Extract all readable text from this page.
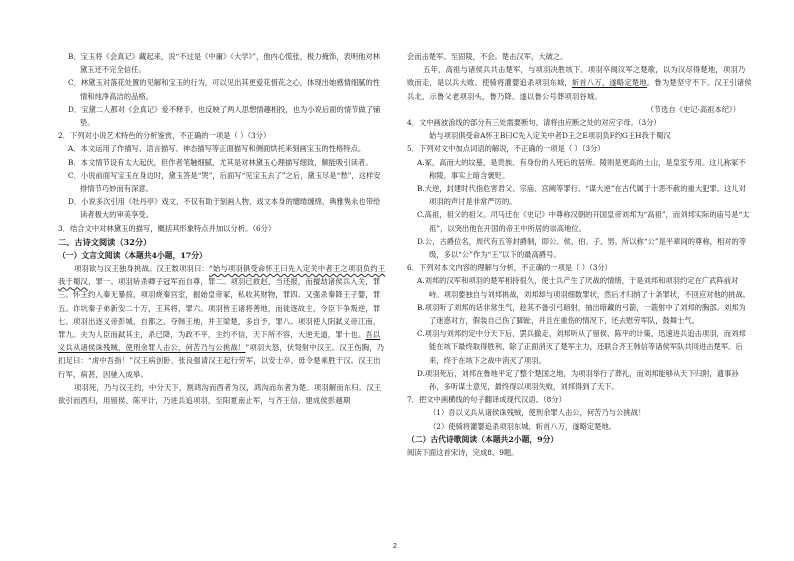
B．宝玉将《会真记》藏起来，说“不过是《中庸》《大学》”，他内心慌张，极力掩饰，表明他对林黛玉还不完全信任。

C．林黛玉对落花处置的见解和宝玉的行为，可以见出其更爱花惜花之心，体现出她感情细腻的性情和纯净高洁的品格。

D．宝黛二人都对《会真记》爱不释手，也反映了两人思想情趣相投，也为小说后面的情节做了铺垫。

2．下列对小说艺术特色的分析鉴赏，不正确的一项是（ ）（3分）

A．本文运用了作描写、语言描写、神态描写等正面描写和侧面烘托来刻画宝玉的性格特点。

B．本文情节设有太大起伏，但作者笔触细腻，尤其是对林黛玉心理描写细致，颇能吸引读者。

C．小说前面写宝玉在身边时，黛玉答是“哭”，后面写“见宝玉去了”之后，黛玉尽是“愁”，这样安排情节巧妙而有深意。

D．小说多次引用《牡丹亭》戏文，不仅有助于刻画人物，戏文本身的缱绻缠绵，典雅隽永也带给读者极大的审美享受。

3．结合文中对林黛玉的描写，概括其形象特点并加以分析。（6分）

二、古诗文阅读（32分）

（一）文言文阅读（本题共4小题，17分）

项羽欲与汉王独身挑战。汉王数项羽曰：“始与项羽俱受命怀王曰先入定关中者王之项羽负约王我于蜀汉，罪一。项羽矫杀卿子冠军而自尊，罪二。项羽已救赵，当还报，而擅劫诸侯兵入关，罪三。怀王约入秦无暴掠，项羽烧秦宫室，掘始皇帝冢，私收其财物，罪四。又强杀秦降王子婴，罪五。诈坑秦子弟新安二十万，王其将，罪六。项羽皆王诸将善地，而徙逐故主，令臣下争叛逆，罪七。项羽出逐义帝彭城，自都之，夺韩王地，并王梁楚，多自予，罪八。项羽使人阴弑义帝江南，罪九。夫为人臣而弑其主，杀已降，为政不平，主约不信，天下所不容，大逆无道，罪十也。吾以义兵从诸侯诛残贼，使刑余罪人击公，何苦乃与公挑战！”项羽大怒，伏弩射中汉王。汉王伤胸，乃扪足曰：“虏中吾指！”汉王病创卧，张良强请汉王起行劳军，以安士卒，毋令楚乘胜于汉。汉王出行军，病甚，因驰入成皋。

项羽死，乃与汉王约，中分天下，割鸿沟而西者为汉，鸿沟而东者为楚。项羽解而东归。汉王欲引而西归，用留侯、陈平计，乃进兵追项羽，至阳夏南止军，与齐王信、建成侯彭越期

会而击楚军。至固陵，不会。楚击汉军，大破之。

五年，高祖与诸侯兵共击楚军，与项羽决胜垓下。项羽卒闻汉军之楚歌，以为汉尽得楚地，项羽乃败而走，是以兵大败。使骑将灌婴追杀项羽东城，斩首八万，遂略定楚地。鲁为楚坚守不下。汉王引诸侯兵北，示鲁父老项羽头，鲁乃降。遂以鲁公号葬项羽谷城。

（节选自《史记·高祖本纪》）

4．文中画波浪线的部分有三处需要断句，请将由应断之处的对应字母。（3分）

始与项羽俱受命A怀王B曰C先入定关中者D王之E项羽负F约G王H我于蜀汉

5．下列对文中加点词语的解说，不正确的一项是（ ）（3分）

A.冢，高而大的坟墓，是贵族、有身份的人死后的居所。陵则是更高的土山，是皇室专用。这儿称冢不称陵，事实上暗含褒贬。

B.大逆，封建时代指危害君父、宗庙、宫阙等罪行。“谋大逆”在古代属于十恶不赦的重大犯罪。这儿对项羽的声讨是非常严厉的。

C.高祖，祖父的祖父。司马迁在《史记》中尊称汉朝的开国皇帝刘邦为“高祖”，而刘邦实际的庙号是“太祖”，以突出他在开国的帝王中所居的崇高地位。

D.公，古爵位名，周代有五等封爵制，即公、侯、伯、子、男。所以称“公”是平辈间的尊称，相对的等级，多以“公”作为“王”以下的最高爵号。

6．下列对本文内容的理解与分析，不正确的一项是（ ）（3分）

A.刘邦的汉军和项羽的楚军相持很久，使士兵产生了厌战的情绪，于是刘邦和项羽约定在广武阵前对峙。项羽要独自与刘邦挑战，刘邦却与项羽细数罪状，然后才归纳了十条罪状，不回应对他的挑战。

B.项羽听了刘邦的话非常生气，趁其不备引弓暗射，抽出暗藏的弓箭，一箭射中了刘邦的胸部。刘邦为了迷惑对方，假装自己伤了脚趾，并且在重伤的情况下，还去慰劳军队，鼓舞士气。

C.项羽与刘邦约定中分天下后，罢兵撤走，刘邦听从了留侯、陈平的计策，迅速进兵追击项羽，而刘邦能在垓下最终取得胜利，除了正面消灭了楚军主力，还联合齐王韩信等诸侯军队共同进击楚军。后来，终于在垓下之战中消灭了项羽。

D.项羽死后，刘邦在鲁地平定了整个楚国之地，为项羽举行了葬礼，而刘邦能够从天下归附，遗事孙孙，多听谋士意见，最终得以项羽失败，刘邦得到了天下。

7．把文中画横线的句子翻译成现代汉语。（8分）

（1）吾以义兵从诸侯诛残贼，使刑余罪人击公，何苦乃与公挑战！

（2）使骑将灌婴追杀项羽东城，斩首八万，遂略定楚地。

（二）古代诗歌阅读（本题共2小题，9分）

阅读下面这首宋诗，完成8、9题。

2
